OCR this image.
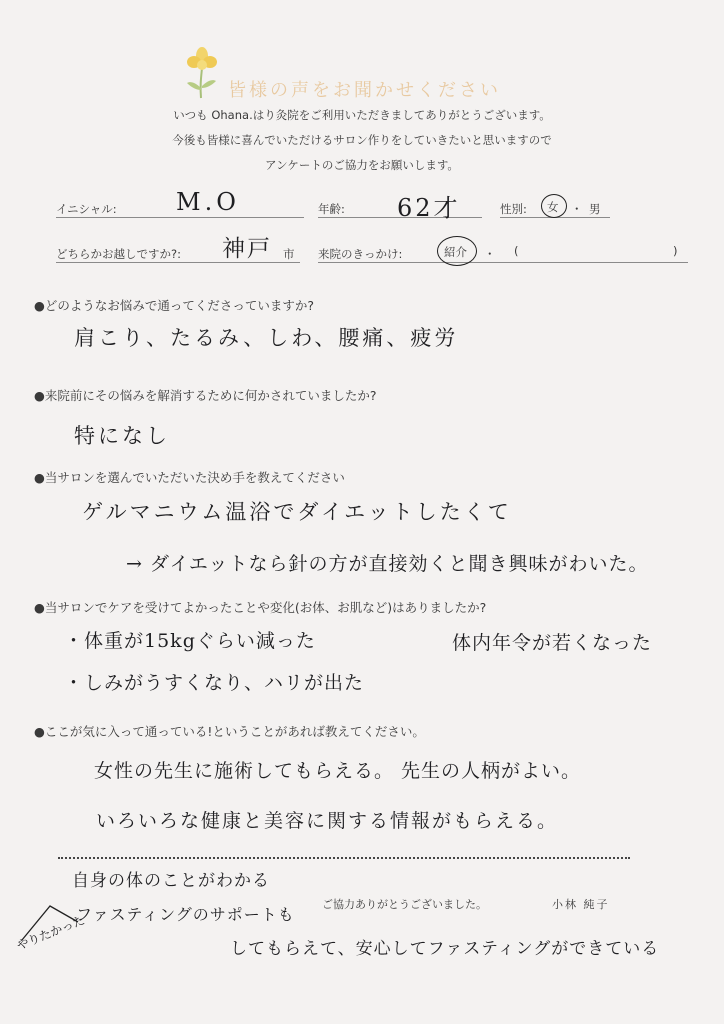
皆様の声をお聞かせください
いつも Ohana.はり灸院をご利用いただきましてありがとうございます。
今後も皆様に喜んでいただけるサロン作りをしていきたいと思いますので
アンケートのご協力をお願いします。
イニシャル: M.O	年齢: 62才	性別: 女 ・ 男
どちらかお越しですか?: 神戸 市 来院のきっかけ:	紹介 ・ (	)
●どのようなお悩みで通ってくださっていますか?
肩こり、たるみ、しわ、腰痛、疲労
●来院前にその悩みを解消するために何かされていましたか?
特になし
●当サロンを選んでいただいた決め手を教えてください
ゲルマニウム温浴でダイエットしたくて
→ ダイエットなら針の方が直接効くと聞き興味がわいた。
●当サロンでケアを受けてよかったことや変化(お体、お肌など)はありましたか?
・体重が15kgぐらい減った	体内年令が若くなった
・しみがうすくなり、ハリが出た
●ここが気に入って通っている!ということがあれば教えてください。
女性の先生に施術してもらえる。 先生の人柄がよい。
いろいろな健康と美容に関する情報がもらえる。
自身の体のことがわかる
ファスティングのサポートも
してもらえて、安心してファスティングができている
やりたかった
ご協力ありがとうございました。	小林 純子
